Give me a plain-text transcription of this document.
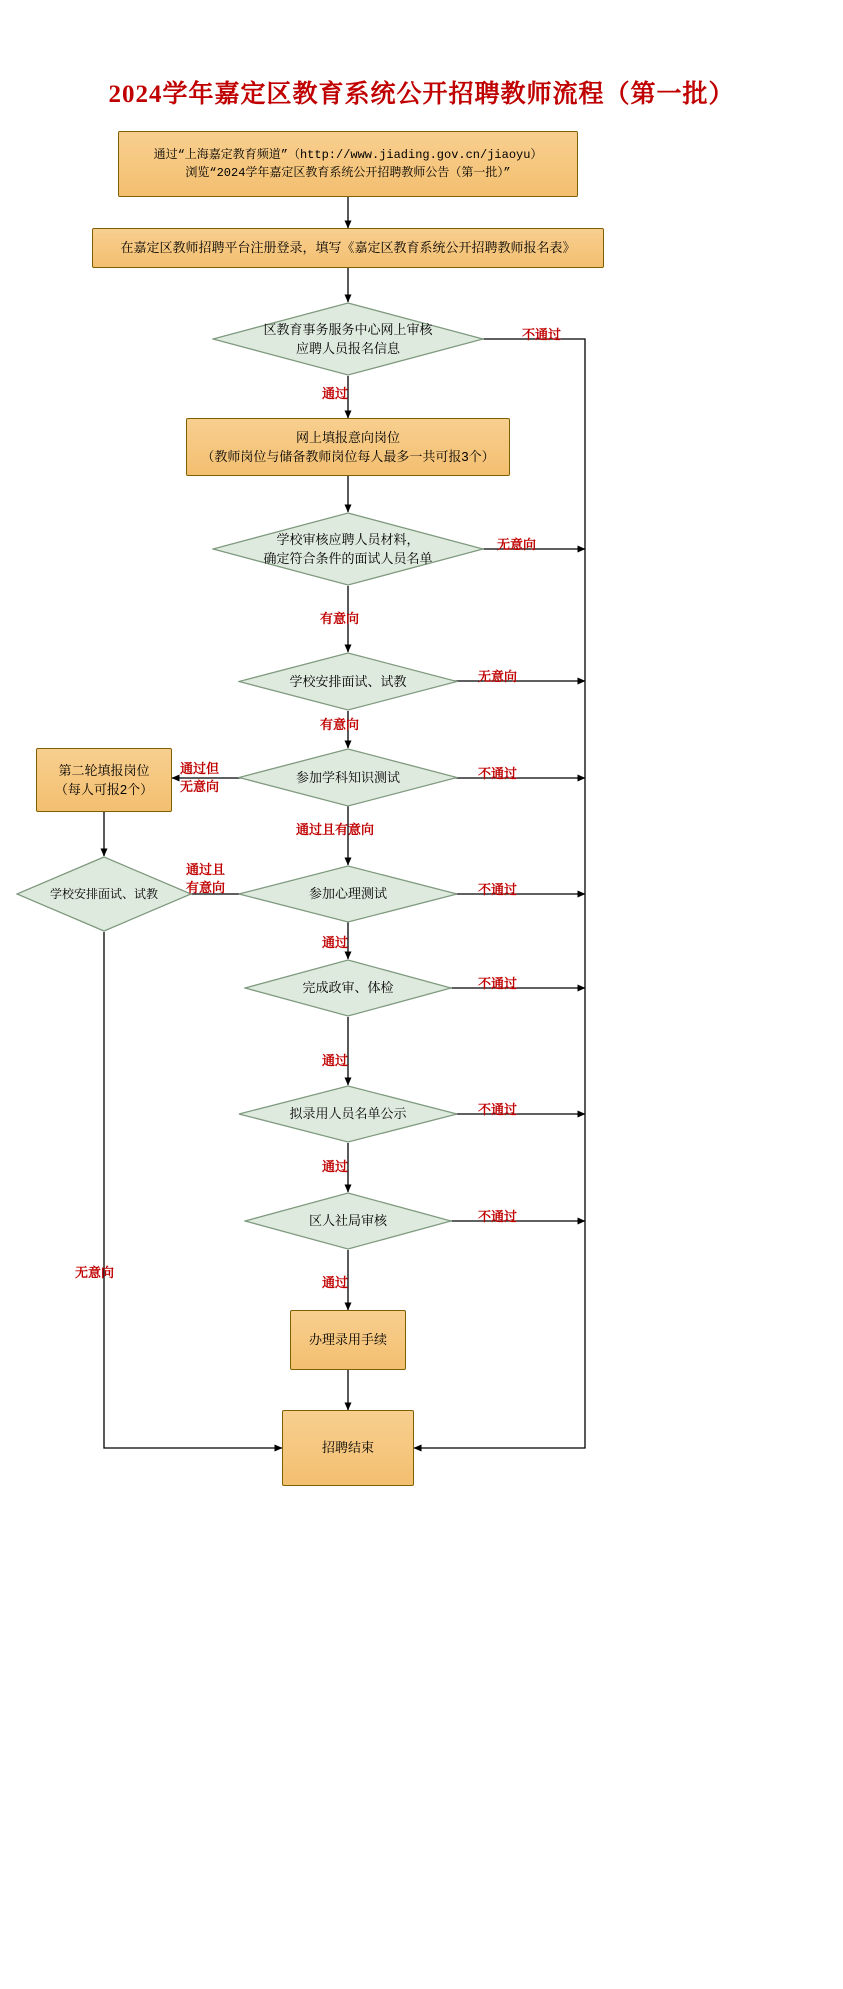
2024学年嘉定区教育系统公开招聘教师流程（第一批）
通过“上海嘉定教育频道”（http://www.jiading.gov.cn/jiaoyu）
浏览“2024学年嘉定区教育系统公开招聘教师公告（第一批）”
在嘉定区教师招聘平台注册登录，填写《嘉定区教育系统公开招聘教师报名表》
区教育事务服务中心网上审核
应聘人员报名信息
网上填报意向岗位
（教师岗位与储备教师岗位每人最多一共可报3个）
学校审核应聘人员材料，
确定符合条件的面试人员名单
学校安排面试、试教
参加学科知识测试
第二轮填报岗位
（每人可报2个）
学校安排面试、试教	参加心理测试
完成政审、体检
拟录用人员名单公示
区人社局审核
办理录用手续
招聘结束
不通过
通过
无意向
有意向
无意向
有意向
通过但
无意向
不通过
通过且有意向
通过且
有意向	不通过
通过
不通过
通过
不通过
通过
不通过
通过
无意向
